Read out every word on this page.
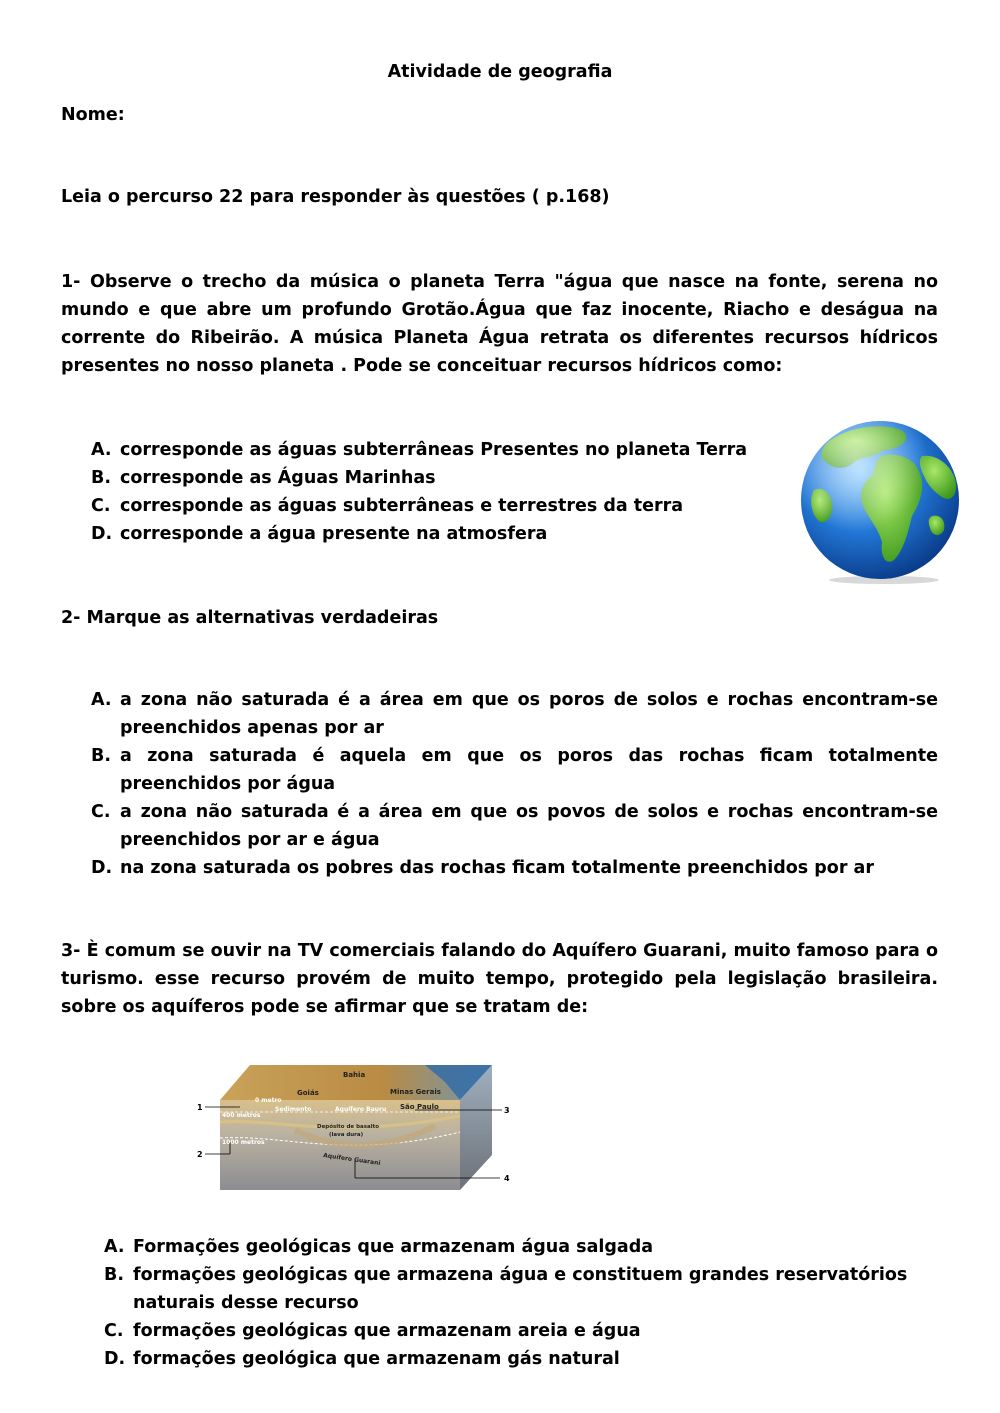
Atividade de geografia
Nome:
Leia o percurso 22 para responder às questões ( p.168)
1- Observe o trecho da música o planeta Terra "água que nasce na fonte, serena no mundo e que abre um profundo Grotão.Água que faz inocente, Riacho e deságua na corrente do Ribeirão. A música Planeta Água retrata os diferentes recursos hídricos presentes no nosso planeta . Pode se conceituar recursos hídricos como:
A. corresponde as águas subterrâneas Presentes no planeta Terra
B. corresponde as Águas Marinhas
C. corresponde as águas subterrâneas e terrestres da terra
D. corresponde a água presente na atmosfera
2- Marque as alternativas verdadeiras
A. a zona não saturada é a área em que os poros de solos e rochas encontram-se preenchidos apenas por ar
B. a zona saturada é aquela em que os poros das rochas ficam totalmente preenchidos por água
C. a zona não saturada é a área em que os povos de solos e rochas encontram-se preenchidos por ar e água
D. na zona saturada os pobres das rochas ficam totalmente preenchidos por ar
3- È comum se ouvir na TV comerciais falando do Aquífero Guarani, muito famoso para o turismo. esse recurso provém de muito tempo, protegido pela legislação brasileira. sobre os aquíferos pode se afirmar que se tratam de:
Bahia
Goiás	Minas Gerais
São Paulo
0 metro
400 metros
1000 metros
Sedimento	Aquífero Bauru
Depósito de basalto
(lava dura)
Aquífero Guarani
1
2
3
4
A. Formações geológicas que armazenam água salgada
B. formações geológicas que armazena água e constituem grandes reservatórios naturais desse recurso
C. formações geológicas que armazenam areia e água
D. formações geológica que armazenam gás natural
